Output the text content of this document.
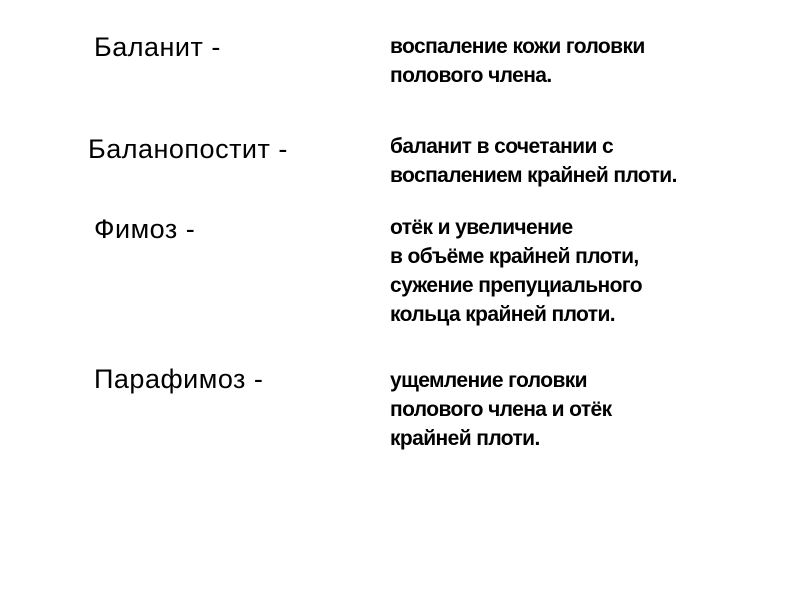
Баланит -	воспаление кожи головки
полового члена.
Баланопостит -	баланит в сочетании с
воспалением крайней плоти.
Фимоз -	отёк и увеличение
в объёме крайней плоти,
сужение препуциального
кольца крайней плоти.
Парафимоз -	ущемление головки
полового члена и отёк
крайней плоти.
